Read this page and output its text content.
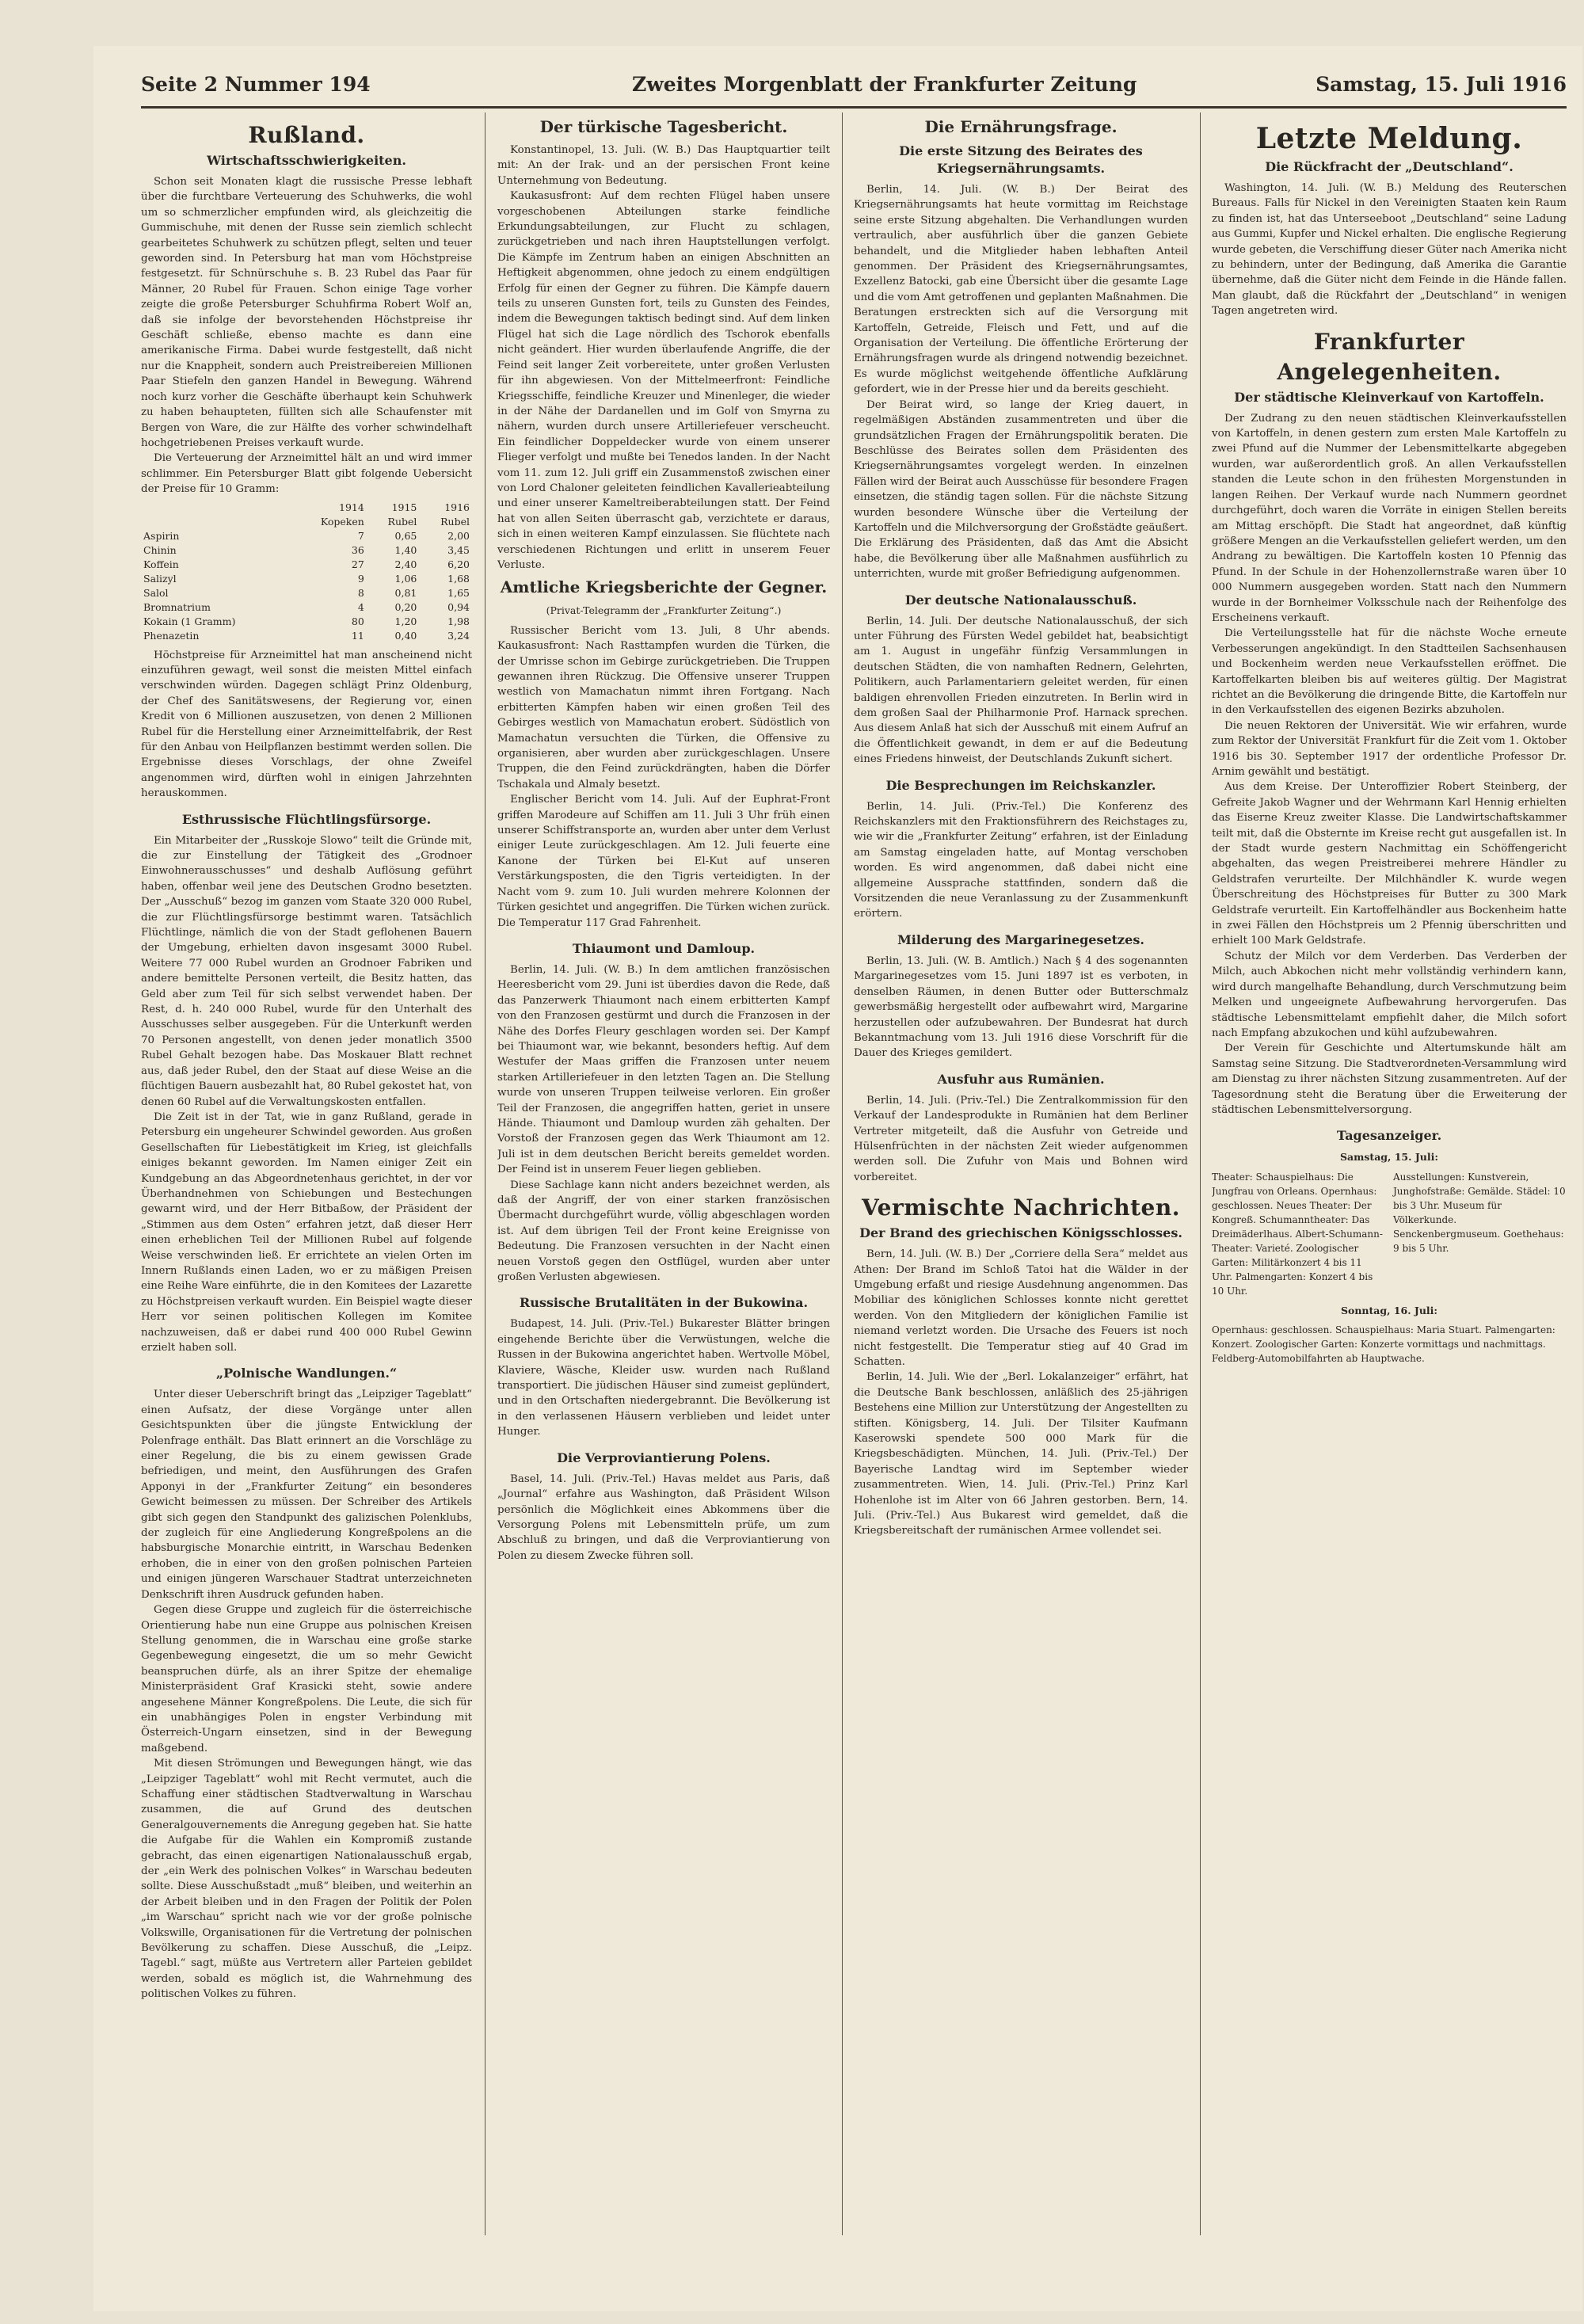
Seite 2 Nummer 194	Zweites Morgenblatt der Frankfurter Zeitung	Samstag, 15. Juli 1916
Rußland.
Wirtschaftsschwierigkeiten.

Schon seit Monaten klagt die russische Presse lebhaft über die furchtbare Verteuerung des Schuhwerks, die wohl um so schmerzlicher empfunden wird, als gleichzeitig die Gummischuhe, mit denen der Russe sein ziemlich schlecht gearbeitetes Schuhwerk zu schützen pflegt, selten und teuer geworden sind. In Petersburg hat man vom Höchstpreise festgesetzt. für Schnürschuhe s. B. 23 Rubel das Paar für Männer, 20 Rubel für Frauen. Schon einige Tage vorher zeigte die große Petersburger Schuhfirma Robert Wolf an, daß sie infolge der bevorstehenden Höchstpreise ihr Geschäft schließe, ebenso machte es dann eine amerikanische Firma. Dabei wurde festgestellt, daß nicht nur die Knappheit, sondern auch Preistreibereien Millionen Paar Stiefeln den ganzen Handel in Bewegung. Während noch kurz vorher die Geschäfte überhaupt kein Schuhwerk zu haben behaupteten, füllten sich alle Schaufenster mit Bergen von Ware, die zur Hälfte des vorher schwindelhaft hochgetriebenen Preises verkauft wurde.

Die Verteuerung der Arzneimittel hält an und wird immer schlimmer. Ein Petersburger Blatt gibt folgende Uebersicht der Preise für 10 Gramm:

	1914	1915	1916
	Kopeken	Rubel	Rubel
Aspirin	7	0,65	2,00
Chinin	36	1,40	3,45
Koffein	27	2,40	6,20
Salizyl	9	1,06	1,68
Salol	8	0,81	1,65
Bromnatrium	4	0,20	0,94
Kokain (1 Gramm)	80	1,20	1,98
Phenazetin	11	0,40	3,24

Höchstpreise für Arzneimittel hat man anscheinend nicht einzuführen gewagt, weil sonst die meisten Mittel einfach verschwinden würden. Dagegen schlägt Prinz Oldenburg, der Chef des Sanitätswesens, der Regierung vor, einen Kredit von 6 Millionen auszusetzen, von denen 2 Millionen Rubel für die Herstellung einer Arzneimittelfabrik, der Rest für den Anbau von Heilpflanzen bestimmt werden sollen. Die Ergebnisse dieses Vorschlags, der ohne Zweifel angenommen wird, dürften wohl in einigen Jahrzehnten herauskommen.

Esthrussische Flüchtlingsfürsorge.

Ein Mitarbeiter der „Russkoje Slowo“ teilt die Gründe mit, die zur Einstellung der Tätigkeit des „Grodnoer Einwohnerausschusses“ und deshalb Auflösung geführt haben, offenbar weil jene des Deutschen Grodno besetzten. Der „Ausschuß“ bezog im ganzen vom Staate 320 000 Rubel, die zur Flüchtlingsfürsorge bestimmt waren. Tatsächlich Flüchtlinge, nämlich die von der Stadt geflohenen Bauern der Umgebung, erhielten davon insgesamt 3000 Rubel. Weitere 77 000 Rubel wurden an Grodnoer Fabriken und andere bemittelte Personen verteilt, die Besitz hatten, das Geld aber zum Teil für sich selbst verwendet haben. Der Rest, d. h. 240 000 Rubel, wurde für den Unterhalt des Ausschusses selber ausgegeben. Für die Unterkunft werden 70 Personen angestellt, von denen jeder monatlich 3500 Rubel Gehalt bezogen habe. Das Moskauer Blatt rechnet aus, daß jeder Rubel, den der Staat auf diese Weise an die flüchtigen Bauern ausbezahlt hat, 80 Rubel gekostet hat, von denen 60 Rubel auf die Verwaltungskosten entfallen.

Die Zeit ist in der Tat, wie in ganz Rußland, gerade in Petersburg ein ungeheurer Schwindel geworden. Aus großen Gesellschaften für Liebestätigkeit im Krieg, ist gleichfalls einiges bekannt geworden. Im Namen einiger Zeit ein Kundgebung an das Abgeordnetenhaus gerichtet, in der vor Überhandnehmen von Schiebungen und Bestechungen gewarnt wird, und der Herr Bitbaßow, der Präsident der „Stimmen aus dem Osten“ erfahren jetzt, daß dieser Herr einen erheblichen Teil der Millionen Rubel auf folgende Weise verschwinden ließ. Er errichtete an vielen Orten im Innern Rußlands einen Laden, wo er zu mäßigen Preisen eine Reihe Ware einführte, die in den Komitees der Lazarette zu Höchstpreisen verkauft wurden. Ein Beispiel wagte dieser Herr vor seinen politischen Kollegen im Komitee nachzuweisen, daß er dabei rund 400 000 Rubel Gewinn erzielt haben soll.

„Polnische Wandlungen.“

Unter dieser Ueberschrift bringt das „Leipziger Tageblatt“ einen Aufsatz, der diese Vorgänge unter allen Gesichtspunkten über die jüngste Entwicklung der Polenfrage enthält. Das Blatt erinnert an die Vorschläge zu einer Regelung, die bis zu einem gewissen Grade befriedigen, und meint, den Ausführungen des Grafen Apponyi in der „Frankfurter Zeitung“ ein besonderes Gewicht beimessen zu müssen. Der Schreiber des Artikels gibt sich gegen den Standpunkt des galizischen Polenklubs, der zugleich für eine Angliederung Kongreßpolens an die habsburgische Monarchie eintritt, in Warschau Bedenken erhoben, die in einer von den großen polnischen Parteien und einigen jüngeren Warschauer Stadtrat unterzeichneten Denkschrift ihren Ausdruck gefunden haben.

Gegen diese Gruppe und zugleich für die österreichische Orientierung habe nun eine Gruppe aus polnischen Kreisen Stellung genommen, die in Warschau eine große starke Gegenbewegung eingesetzt, die um so mehr Gewicht beanspruchen dürfe, als an ihrer Spitze der ehemalige Ministerpräsident Graf Krasicki steht, sowie andere angesehene Männer Kongreßpolens. Die Leute, die sich für ein unabhängiges Polen in engster Verbindung mit Österreich-Ungarn einsetzen, sind in der Bewegung maßgebend.

Mit diesen Strömungen und Bewegungen hängt, wie das „Leipziger Tageblatt“ wohl mit Recht vermutet, auch die Schaffung einer städtischen Stadtverwaltung in Warschau zusammen, die auf Grund des deutschen Generalgouvernements die Anregung gegeben hat. Sie hatte die Aufgabe für die Wahlen ein Kompromiß zustande gebracht, das einen eigenartigen Nationalausschuß ergab, der „ein Werk des polnischen Volkes“ in Warschau bedeuten sollte. Diese Ausschußstadt „muß“ bleiben, und weiterhin an der Arbeit bleiben und in den Fragen der Politik der Polen „im Warschau“ spricht nach wie vor der große polnische Volkswille, Organisationen für die Vertretung der polnischen Bevölkerung zu schaffen. Diese Ausschuß, die „Leipz. Tagebl.“ sagt, müßte aus Vertretern aller Parteien gebildet werden, sobald es möglich ist, die Wahrnehmung des politischen Volkes zu führen.

Der türkische Tagesbericht.

Konstantinopel, 13. Juli. (W. B.) Das Hauptquartier teilt mit: An der Irak- und an der persischen Front keine Unternehmung von Bedeutung.

Kaukasusfront: Auf dem rechten Flügel haben unsere vorgeschobenen Abteilungen starke feindliche Erkundungsabteilungen, zur Flucht zu schlagen, zurückgetrieben und nach ihren Hauptstellungen verfolgt. Die Kämpfe im Zentrum haben an einigen Abschnitten an Heftigkeit abgenommen, ohne jedoch zu einem endgültigen Erfolg für einen der Gegner zu führen. Die Kämpfe dauern teils zu unseren Gunsten fort, teils zu Gunsten des Feindes, indem die Bewegungen taktisch bedingt sind. Auf dem linken Flügel hat sich die Lage nördlich des Tschorok ebenfalls nicht geändert. Hier wurden überlaufende Angriffe, die der Feind seit langer Zeit vorbereitete, unter großen Verlusten für ihn abgewiesen. Von der Mittelmeerfront: Feindliche Kriegsschiffe, feindliche Kreuzer und Minenleger, die wieder in der Nähe der Dardanellen und im Golf von Smyrna zu nähern, wurden durch unsere Artilleriefeuer verscheucht. Ein feindlicher Doppeldecker wurde von einem unserer Flieger verfolgt und mußte bei Tenedos landen. In der Nacht vom 11. zum 12. Juli griff ein Zusammenstoß zwischen einer von Lord Chaloner geleiteten feindlichen Kavallerieabteilung und einer unserer Kameltreiberabteilungen statt. Der Feind hat von allen Seiten überrascht gab, verzichtete er daraus, sich in einen weiteren Kampf einzulassen. Sie flüchtete nach verschiedenen Richtungen und erlitt in unserem Feuer Verluste.

Amtliche Kriegsberichte der Gegner.
(Privat-Telegramm der „Frankfurter Zeitung“.)

Russischer Bericht vom 13. Juli, 8 Uhr abends. Kaukasusfront: Nach Rasttampfen wurden die Türken, die der Umrisse schon im Gebirge zurückgetrieben. Die Truppen gewannen ihren Rückzug. Die Offensive unserer Truppen westlich von Mamachatun nimmt ihren Fortgang. Nach erbitterten Kämpfen haben wir einen großen Teil des Gebirges westlich von Mamachatun erobert. Südöstlich von Mamachatun versuchten die Türken, die Offensive zu organisieren, aber wurden aber zurückgeschlagen. Unsere Truppen, die den Feind zurückdrängten, haben die Dörfer Tschakala und Almaly besetzt.

Englischer Bericht vom 14. Juli. Auf der Euphrat-Front griffen Marodeure auf Schiffen am 11. Juli 3 Uhr früh einen unserer Schiffstransporte an, wurden aber unter dem Verlust einiger Leute zurückgeschlagen. Am 12. Juli feuerte eine Kanone der Türken bei El-Kut auf unseren Verstärkungsposten, die den Tigris verteidigten. In der Nacht vom 9. zum 10. Juli wurden mehrere Kolonnen der Türken gesichtet und angegriffen. Die Türken wichen zurück. Die Temperatur 117 Grad Fahrenheit.

Thiaumont und Damloup.

Berlin, 14. Juli. (W. B.) In dem amtlichen französischen Heeresbericht vom 29. Juni ist überdies davon die Rede, daß das Panzerwerk Thiaumont nach einem erbitterten Kampf von den Franzosen gestürmt und durch die Franzosen in der Nähe des Dorfes Fleury geschlagen worden sei. Der Kampf bei Thiaumont war, wie bekannt, besonders heftig. Auf dem Westufer der Maas griffen die Franzosen unter neuem starken Artilleriefeuer in den letzten Tagen an. Die Stellung wurde von unseren Truppen teilweise verloren. Ein großer Teil der Franzosen, die angegriffen hatten, geriet in unsere Hände. Thiaumont und Damloup wurden zäh gehalten. Der Vorstoß der Franzosen gegen das Werk Thiaumont am 12. Juli ist in dem deutschen Bericht bereits gemeldet worden. Der Feind ist in unserem Feuer liegen geblieben.

Diese Sachlage kann nicht anders bezeichnet werden, als daß der Angriff, der von einer starken französischen Übermacht durchgeführt wurde, völlig abgeschlagen worden ist. Auf dem übrigen Teil der Front keine Ereignisse von Bedeutung. Die Franzosen versuchten in der Nacht einen neuen Vorstoß gegen den Ostflügel, wurden aber unter großen Verlusten abgewiesen.

Russische Brutalitäten in der Bukowina.

Budapest, 14. Juli. (Priv.-Tel.) Bukarester Blätter bringen eingehende Berichte über die Verwüstungen, welche die Russen in der Bukowina angerichtet haben. Wertvolle Möbel, Klaviere, Wäsche, Kleider usw. wurden nach Rußland transportiert. Die jüdischen Häuser sind zumeist geplündert, und in den Ortschaften niedergebrannt. Die Bevölkerung ist in den verlassenen Häusern verblieben und leidet unter Hunger.

Die Verproviantierung Polens.

Basel, 14. Juli. (Priv.-Tel.) Havas meldet aus Paris, daß „Journal“ erfahre aus Washington, daß Präsident Wilson persönlich die Möglichkeit eines Abkommens über die Versorgung Polens mit Lebensmitteln prüfe, um zum Abschluß zu bringen, und daß die Verproviantierung von Polen zu diesem Zwecke führen soll.

Die Ernährungsfrage.
Die erste Sitzung des Beirates des Kriegsernährungsamts.

Berlin, 14. Juli. (W. B.) Der Beirat des Kriegsernährungsamts hat heute vormittag im Reichstage seine erste Sitzung abgehalten. Die Verhandlungen wurden vertraulich, aber ausführlich über die ganzen Gebiete behandelt, und die Mitglieder haben lebhaften Anteil genommen. Der Präsident des Kriegsernährungsamtes, Exzellenz Batocki, gab eine Übersicht über die gesamte Lage und die vom Amt getroffenen und geplanten Maßnahmen. Die Beratungen erstreckten sich auf die Versorgung mit Kartoffeln, Getreide, Fleisch und Fett, und auf die Organisation der Verteilung. Die öffentliche Erörterung der Ernährungsfragen wurde als dringend notwendig bezeichnet. Es wurde möglichst weitgehende öffentliche Aufklärung gefordert, wie in der Presse hier und da bereits geschieht.

Der Beirat wird, so lange der Krieg dauert, in regelmäßigen Abständen zusammentreten und über die grundsätzlichen Fragen der Ernährungspolitik beraten. Die Beschlüsse des Beirates sollen dem Präsidenten des Kriegsernährungsamtes vorgelegt werden. In einzelnen Fällen wird der Beirat auch Ausschüsse für besondere Fragen einsetzen, die ständig tagen sollen. Für die nächste Sitzung wurden besondere Wünsche über die Verteilung der Kartoffeln und die Milchversorgung der Großstädte geäußert. Die Erklärung des Präsidenten, daß das Amt die Absicht habe, die Bevölkerung über alle Maßnahmen ausführlich zu unterrichten, wurde mit großer Befriedigung aufgenommen.

Der deutsche Nationalausschuß.

Berlin, 14. Juli. Der deutsche Nationalausschuß, der sich unter Führung des Fürsten Wedel gebildet hat, beabsichtigt am 1. August in ungefähr fünfzig Versammlungen in deutschen Städten, die von namhaften Rednern, Gelehrten, Politikern, auch Parlamentariern geleitet werden, für einen baldigen ehrenvollen Frieden einzutreten. In Berlin wird in dem großen Saal der Philharmonie Prof. Harnack sprechen. Aus diesem Anlaß hat sich der Ausschuß mit einem Aufruf an die Öffentlichkeit gewandt, in dem er auf die Bedeutung eines Friedens hinweist, der Deutschlands Zukunft sichert.

Die Besprechungen im Reichskanzler.

Berlin, 14. Juli. (Priv.-Tel.) Die Konferenz des Reichskanzlers mit den Fraktionsführern des Reichstages zu, wie wir die „Frankfurter Zeitung“ erfahren, ist der Einladung am Samstag eingeladen hatte, auf Montag verschoben worden. Es wird angenommen, daß dabei nicht eine allgemeine Aussprache stattfinden, sondern daß die Vorsitzenden die neue Veranlassung zu der Zusammenkunft erörtern.

Milderung des Margarinegesetzes.

Berlin, 13. Juli. (W. B. Amtlich.) Nach § 4 des sogenannten Margarinegesetzes vom 15. Juni 1897 ist es verboten, in denselben Räumen, in denen Butter oder Butterschmalz gewerbsmäßig hergestellt oder aufbewahrt wird, Margarine herzustellen oder aufzubewahren. Der Bundesrat hat durch Bekanntmachung vom 13. Juli 1916 diese Vorschrift für die Dauer des Krieges gemildert.

Ausfuhr aus Rumänien.

Berlin, 14. Juli. (Priv.-Tel.) Die Zentralkommission für den Verkauf der Landesprodukte in Rumänien hat dem Berliner Vertreter mitgeteilt, daß die Ausfuhr von Getreide und Hülsenfrüchten in der nächsten Zeit wieder aufgenommen werden soll. Die Zufuhr von Mais und Bohnen wird vorbereitet.

Vermischte Nachrichten.
Der Brand des griechischen Königsschlosses.

Bern, 14. Juli. (W. B.) Der „Corriere della Sera“ meldet aus Athen: Der Brand im Schloß Tatoi hat die Wälder in der Umgebung erfaßt und riesige Ausdehnung angenommen. Das Mobiliar des königlichen Schlosses konnte nicht gerettet werden. Von den Mitgliedern der königlichen Familie ist niemand verletzt worden. Die Ursache des Feuers ist noch nicht festgestellt. Die Temperatur stieg auf 40 Grad im Schatten.

Berlin, 14. Juli. Wie der „Berl. Lokalanzeiger“ erfährt, hat die Deutsche Bank beschlossen, anläßlich des 25-jährigen Bestehens eine Million zur Unterstützung der Angestellten zu stiften. Königsberg, 14. Juli. Der Tilsiter Kaufmann Kaserowski spendete 500 000 Mark für die Kriegsbeschädigten. München, 14. Juli. (Priv.-Tel.) Der Bayerische Landtag wird im September wieder zusammentreten. Wien, 14. Juli. (Priv.-Tel.) Prinz Karl Hohenlohe ist im Alter von 66 Jahren gestorben. Bern, 14. Juli. (Priv.-Tel.) Aus Bukarest wird gemeldet, daß die Kriegsbereitschaft der rumänischen Armee vollendet sei.

Letzte Meldung.
Die Rückfracht der „Deutschland“.

Washington, 14. Juli. (W. B.) Meldung des Reuterschen Bureaus. Falls für Nickel in den Vereinigten Staaten kein Raum zu finden ist, hat das Unterseeboot „Deutschland“ seine Ladung aus Gummi, Kupfer und Nickel erhalten. Die englische Regierung wurde gebeten, die Verschiffung dieser Güter nach Amerika nicht zu behindern, unter der Bedingung, daß Amerika die Garantie übernehme, daß die Güter nicht dem Feinde in die Hände fallen. Man glaubt, daß die Rückfahrt der „Deutschland“ in wenigen Tagen angetreten wird.

Frankfurter Angelegenheiten.
Der städtische Kleinverkauf von Kartoffeln.

Der Zudrang zu den neuen städtischen Kleinverkaufsstellen von Kartoffeln, in denen gestern zum ersten Male Kartoffeln zu zwei Pfund auf die Nummer der Lebensmittelkarte abgegeben wurden, war außerordentlich groß. An allen Verkaufsstellen standen die Leute schon in den frühesten Morgenstunden in langen Reihen. Der Verkauf wurde nach Nummern geordnet durchgeführt, doch waren die Vorräte in einigen Stellen bereits am Mittag erschöpft. Die Stadt hat angeordnet, daß künftig größere Mengen an die Verkaufsstellen geliefert werden, um den Andrang zu bewältigen. Die Kartoffeln kosten 10 Pfennig das Pfund. In der Schule in der Hohenzollernstraße waren über 10 000 Nummern ausgegeben worden. Statt nach den Nummern wurde in der Bornheimer Volksschule nach der Reihenfolge des Erscheinens verkauft.

Die Verteilungsstelle hat für die nächste Woche erneute Verbesserungen angekündigt. In den Stadtteilen Sachsenhausen und Bockenheim werden neue Verkaufsstellen eröffnet. Die Kartoffelkarten bleiben bis auf weiteres gültig. Der Magistrat richtet an die Bevölkerung die dringende Bitte, die Kartoffeln nur in den Verkaufsstellen des eigenen Bezirks abzuholen.

Die neuen Rektoren der Universität. Wie wir erfahren, wurde zum Rektor der Universität Frankfurt für die Zeit vom 1. Oktober 1916 bis 30. September 1917 der ordentliche Professor Dr. Arnim gewählt und bestätigt.

Aus dem Kreise. Der Unteroffizier Robert Steinberg, der Gefreite Jakob Wagner und der Wehrmann Karl Hennig erhielten das Eiserne Kreuz zweiter Klasse. Die Landwirtschaftskammer teilt mit, daß die Obsternte im Kreise recht gut ausgefallen ist. In der Stadt wurde gestern Nachmittag ein Schöffengericht abgehalten, das wegen Preistreiberei mehrere Händler zu Geldstrafen verurteilte. Der Milchhändler K. wurde wegen Überschreitung des Höchstpreises für Butter zu 300 Mark Geldstrafe verurteilt. Ein Kartoffelhändler aus Bockenheim hatte in zwei Fällen den Höchstpreis um 2 Pfennig überschritten und erhielt 100 Mark Geldstrafe.

Schutz der Milch vor dem Verderben. Das Verderben der Milch, auch Abkochen nicht mehr vollständig verhindern kann, wird durch mangelhafte Behandlung, durch Verschmutzung beim Melken und ungeeignete Aufbewahrung hervorgerufen. Das städtische Lebensmittelamt empfiehlt daher, die Milch sofort nach Empfang abzukochen und kühl aufzubewahren.

Der Verein für Geschichte und Altertumskunde hält am Samstag seine Sitzung. Die Stadtverordneten-Versammlung wird am Dienstag zu ihrer nächsten Sitzung zusammentreten. Auf der Tagesordnung steht die Beratung über die Erweiterung der städtischen Lebensmittelversorgung.

Tagesanzeiger.
Samstag, 15. Juli:
Theater: Schauspielhaus: Die Jungfrau von Orleans. Opernhaus: geschlossen. Neues Theater: Der Kongreß. Schumanntheater: Das Dreimäderlhaus. Albert-Schumann-Theater: Varieté. Zoologischer Garten: Militärkonzert 4 bis 11 Uhr. Palmengarten: Konzert 4 bis 10 Uhr.
Ausstellungen: Kunstverein, Junghofstraße: Gemälde. Städel: 10 bis 3 Uhr. Museum für Völkerkunde. Senckenbergmuseum. Goethehaus: 9 bis 5 Uhr.
Sonntag, 16. Juli:
Opernhaus: geschlossen. Schauspielhaus: Maria Stuart. Palmengarten: Konzert. Zoologischer Garten: Konzerte vormittags und nachmittags. Feldberg-Automobilfahrten ab Hauptwache.
